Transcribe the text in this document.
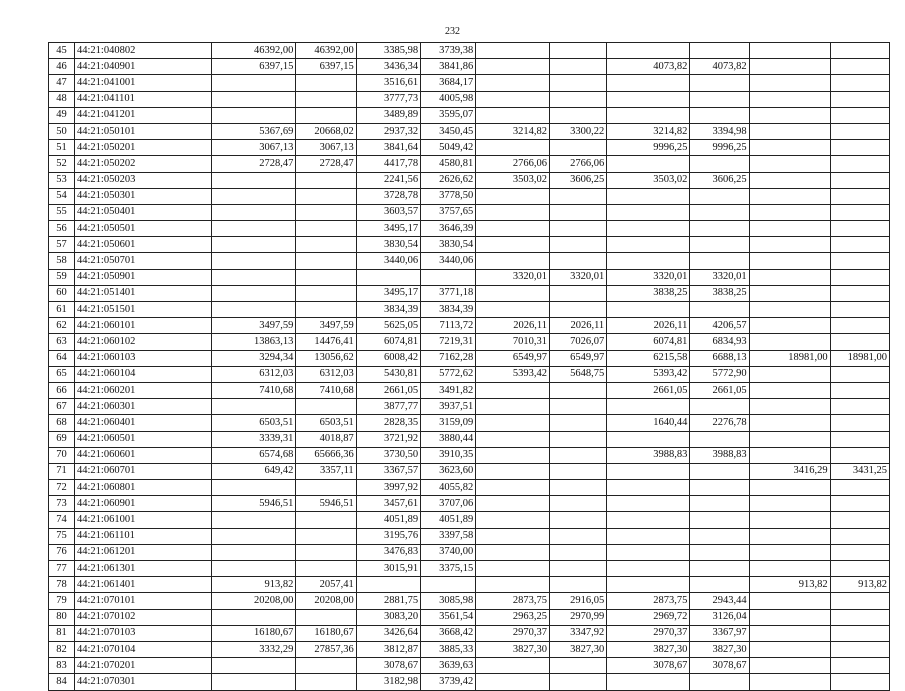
232
45	44:21:040802	46392,00	46392,00	3385,98	3739,38						
46	44:21:040901	6397,15	6397,15	3436,34	3841,86			4073,82	4073,82		
47	44:21:041001			3516,61	3684,17						
48	44:21:041101			3777,73	4005,98						
49	44:21:041201			3489,89	3595,07						
50	44:21:050101	5367,69	20668,02	2937,32	3450,45	3214,82	3300,22	3214,82	3394,98		
51	44:21:050201	3067,13	3067,13	3841,64	5049,42			9996,25	9996,25		
52	44:21:050202	2728,47	2728,47	4417,78	4580,81	2766,06	2766,06				
53	44:21:050203			2241,56	2626,62	3503,02	3606,25	3503,02	3606,25		
54	44:21:050301			3728,78	3778,50						
55	44:21:050401			3603,57	3757,65						
56	44:21:050501			3495,17	3646,39						
57	44:21:050601			3830,54	3830,54						
58	44:21:050701			3440,06	3440,06						
59	44:21:050901					3320,01	3320,01	3320,01	3320,01		
60	44:21:051401			3495,17	3771,18			3838,25	3838,25		
61	44:21:051501			3834,39	3834,39						
62	44:21:060101	3497,59	3497,59	5625,05	7113,72	2026,11	2026,11	2026,11	4206,57		
63	44:21:060102	13863,13	14476,41	6074,81	7219,31	7010,31	7026,07	6074,81	6834,93		
64	44:21:060103	3294,34	13056,62	6008,42	7162,28	6549,97	6549,97	6215,58	6688,13	18981,00	18981,00
65	44:21:060104	6312,03	6312,03	5430,81	5772,62	5393,42	5648,75	5393,42	5772,90		
66	44:21:060201	7410,68	7410,68	2661,05	3491,82			2661,05	2661,05		
67	44:21:060301			3877,77	3937,51						
68	44:21:060401	6503,51	6503,51	2828,35	3159,09			1640,44	2276,78		
69	44:21:060501	3339,31	4018,87	3721,92	3880,44						
70	44:21:060601	6574,68	65666,36	3730,50	3910,35			3988,83	3988,83		
71	44:21:060701	649,42	3357,11	3367,57	3623,60					3416,29	3431,25
72	44:21:060801			3997,92	4055,82						
73	44:21:060901	5946,51	5946,51	3457,61	3707,06						
74	44:21:061001			4051,89	4051,89						
75	44:21:061101			3195,76	3397,58						
76	44:21:061201			3476,83	3740,00						
77	44:21:061301			3015,91	3375,15						
78	44:21:061401	913,82	2057,41							913,82	913,82
79	44:21:070101	20208,00	20208,00	2881,75	3085,98	2873,75	2916,05	2873,75	2943,44		
80	44:21:070102			3083,20	3561,54	2963,25	2970,99	2969,72	3126,04		
81	44:21:070103	16180,67	16180,67	3426,64	3668,42	2970,37	3347,92	2970,37	3367,97		
82	44:21:070104	3332,29	27857,36	3812,87	3885,33	3827,30	3827,30	3827,30	3827,30		
83	44:21:070201			3078,67	3639,63			3078,67	3078,67		
84	44:21:070301			3182,98	3739,42						
